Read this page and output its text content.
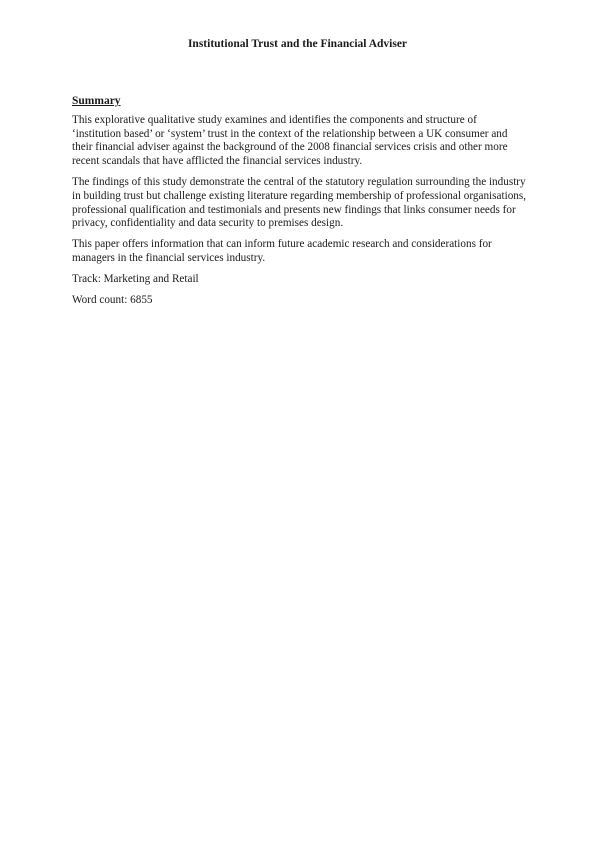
Institutional Trust and the Financial Adviser
Summary

This explorative qualitative study examines and identifies the components and structure of ‘institution based’ or ‘system’ trust in the context of the relationship between a UK consumer and their financial adviser against the background of the 2008 financial services crisis and other more recent scandals that have afflicted the financial services industry.

The findings of this study demonstrate the central of the statutory regulation surrounding the industry in building trust but challenge existing literature regarding membership of professional organisations, professional qualification and testimonials and presents new findings that links consumer needs for privacy, confidentiality and data security to premises design.

This paper offers information that can inform future academic research and considerations for managers in the financial services industry.

Track: Marketing and Retail

Word count: 6855
